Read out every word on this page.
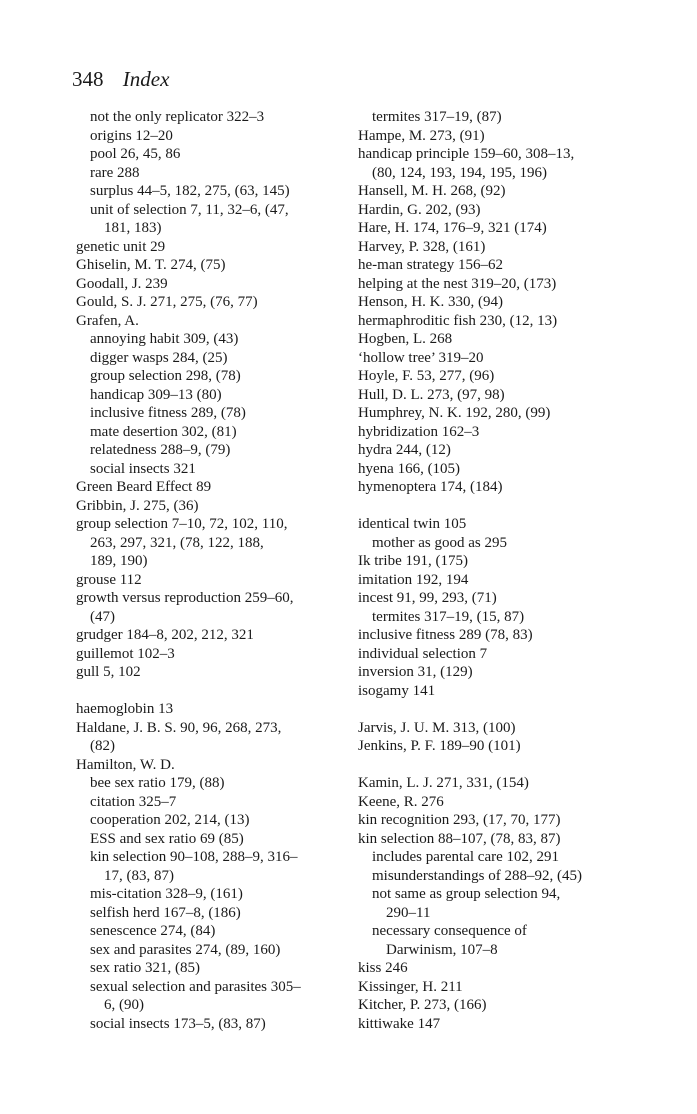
348 Index
not the only replicator 322–3
origins 12–20
pool 26, 45, 86
rare 288
surplus 44–5, 182, 275, (63, 145)
unit of selection 7, 11, 32–6, (47,
181, 183)
genetic unit 29
Ghiselin, M. T. 274, (75)
Goodall, J. 239
Gould, S. J. 271, 275, (76, 77)
Grafen, A.
annoying habit 309, (43)
digger wasps 284, (25)
group selection 298, (78)
handicap 309–13 (80)
inclusive fitness 289, (78)
mate desertion 302, (81)
relatedness 288–9, (79)
social insects 321
Green Beard Effect 89
Gribbin, J. 275, (36)
group selection 7–10, 72, 102, 110,
263, 297, 321, (78, 122, 188,
189, 190)
grouse 112
growth versus reproduction 259–60,
(47)
grudger 184–8, 202, 212, 321
guillemot 102–3
gull 5, 102
haemoglobin 13
Haldane, J. B. S. 90, 96, 268, 273,
(82)
Hamilton, W. D.
bee sex ratio 179, (88)
citation 325–7
cooperation 202, 214, (13)
ESS and sex ratio 69 (85)
kin selection 90–108, 288–9, 316–
17, (83, 87)
mis-citation 328–9, (161)
selfish herd 167–8, (186)
senescence 274, (84)
sex and parasites 274, (89, 160)
sex ratio 321, (85)
sexual selection and parasites 305–
6, (90)
social insects 173–5, (83, 87)
termites 317–19, (87)
Hampe, M. 273, (91)
handicap principle 159–60, 308–13,
(80, 124, 193, 194, 195, 196)
Hansell, M. H. 268, (92)
Hardin, G. 202, (93)
Hare, H. 174, 176–9, 321 (174)
Harvey, P. 328, (161)
he-man strategy 156–62
helping at the nest 319–20, (173)
Henson, H. K. 330, (94)
hermaphroditic fish 230, (12, 13)
Hogben, L. 268
‘hollow tree’ 319–20
Hoyle, F. 53, 277, (96)
Hull, D. L. 273, (97, 98)
Humphrey, N. K. 192, 280, (99)
hybridization 162–3
hydra 244, (12)
hyena 166, (105)
hymenoptera 174, (184)
identical twin 105
mother as good as 295
Ik tribe 191, (175)
imitation 192, 194
incest 91, 99, 293, (71)
termites 317–19, (15, 87)
inclusive fitness 289 (78, 83)
individual selection 7
inversion 31, (129)
isogamy 141
Jarvis, J. U. M. 313, (100)
Jenkins, P. F. 189–90 (101)
Kamin, L. J. 271, 331, (154)
Keene, R. 276
kin recognition 293, (17, 70, 177)
kin selection 88–107, (78, 83, 87)
includes parental care 102, 291
misunderstandings of 288–92, (45)
not same as group selection 94,
290–11
necessary consequence of
Darwinism, 107–8
kiss 246
Kissinger, H. 211
Kitcher, P. 273, (166)
kittiwake 147
